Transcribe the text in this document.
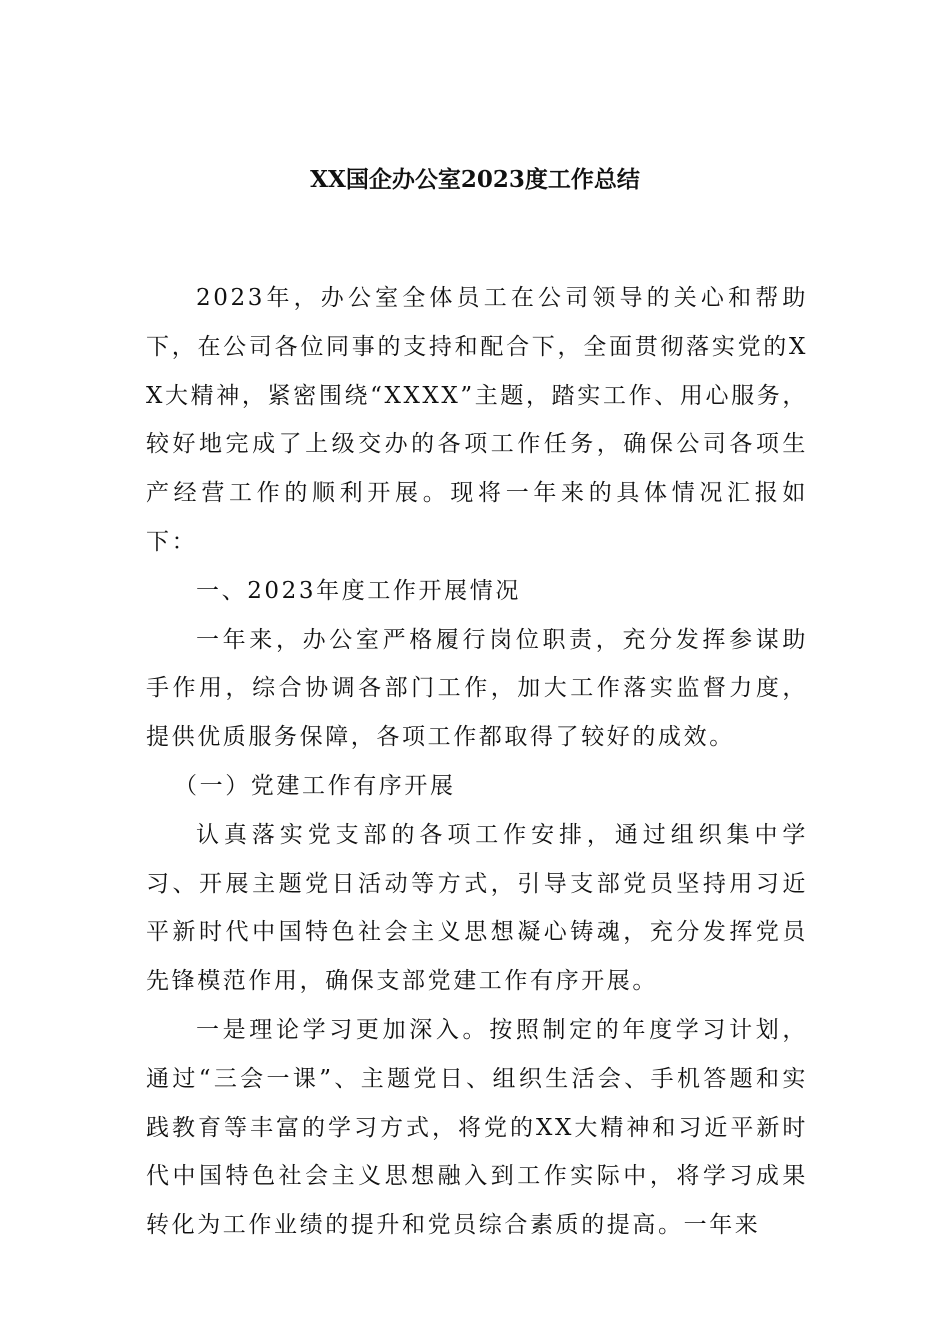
XX国企办公室2023度工作总结

2023年，办公室全体员工在公司领导的关心和帮助下，在公司各位同事的支持和配合下，全面贯彻落实党的XX大精神，紧密围绕“XXXX”主题，踏实工作、用心服务，较好地完成了上级交办的各项工作任务，确保公司各项生产经营工作的顺利开展。现将一年来的具体情况汇报如下：

一、2023年度工作开展情况

一年来，办公室严格履行岗位职责，充分发挥参谋助手作用，综合协调各部门工作，加大工作落实监督力度，提供优质服务保障，各项工作都取得了较好的成效。

（一）党建工作有序开展

认真落实党支部的各项工作安排，通过组织集中学习、开展主题党日活动等方式，引导支部党员坚持用习近平新时代中国特色社会主义思想凝心铸魂，充分发挥党员先锋模范作用，确保支部党建工作有序开展。

一是理论学习更加深入。按照制定的年度学习计划，通过“三会一课”、主题党日、组织生活会、手机答题和实践教育等丰富的学习方式，将党的XX大精神和习近平新时代中国特色社会主义思想融入到工作实际中，将学习成果转化为工作业绩的提升和党员综合素质的提高。一年来
